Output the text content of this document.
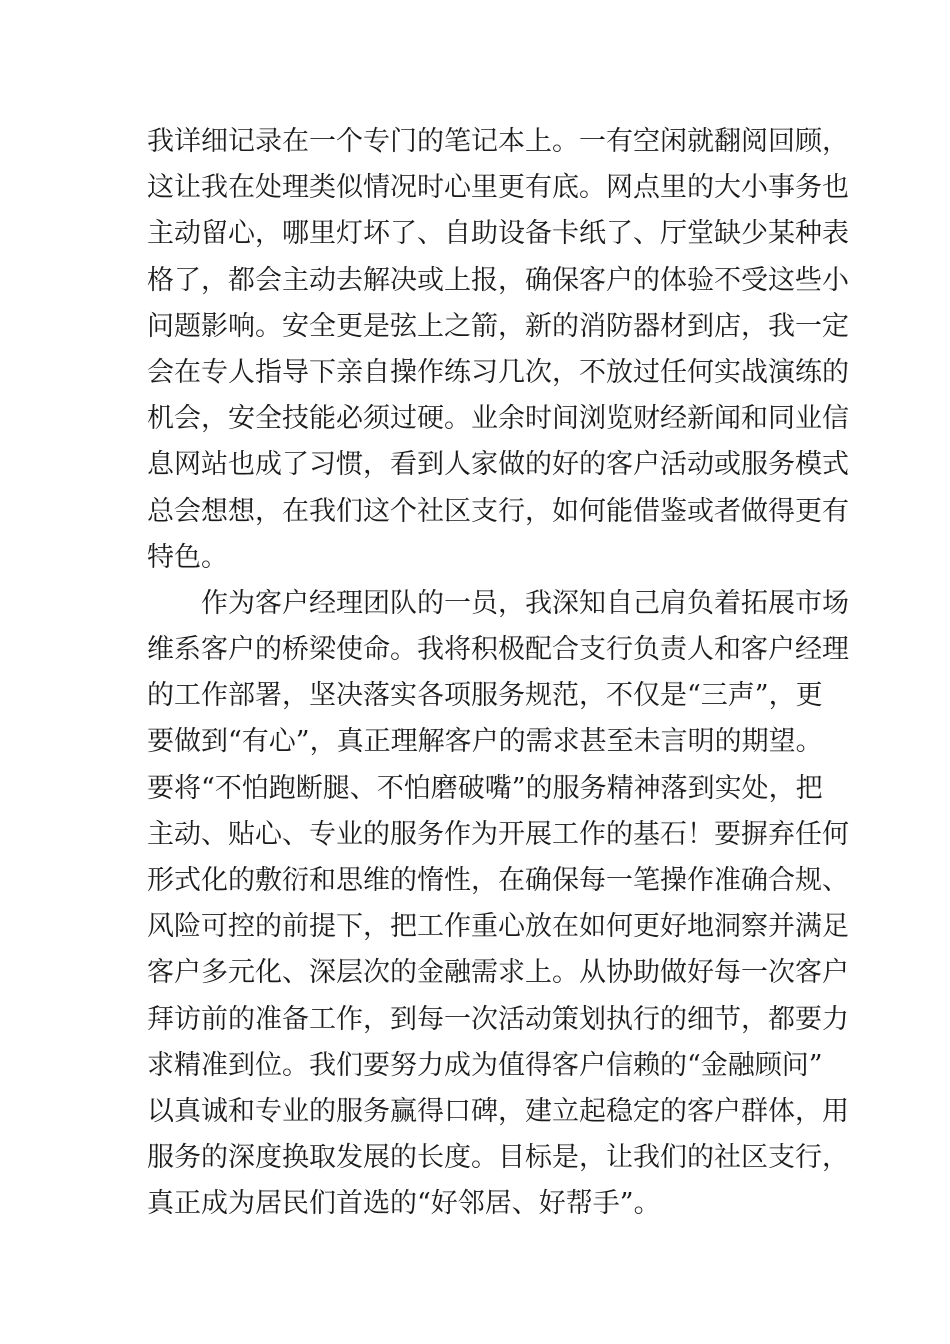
我详细记录在一个专门的笔记本上。一有空闲就翻阅回顾，
这让我在处理类似情况时心里更有底。网点里的大小事务也
主动留心，哪里灯坏了、自助设备卡纸了、厅堂缺少某种表
格了，都会主动去解决或上报，确保客户的体验不受这些小
问题影响。安全更是弦上之箭，新的消防器材到店，我一定
会在专人指导下亲自操作练习几次，不放过任何实战演练的
机会，安全技能必须过硬。业余时间浏览财经新闻和同业信
息网站也成了习惯，看到人家做的好的客户活动或服务模式
总会想想，在我们这个社区支行，如何能借鉴或者做得更有
特色。
　　作为客户经理团队的一员，我深知自己肩负着拓展市场
维系客户的桥梁使命。我将积极配合支行负责人和客户经理
的工作部署，坚决落实各项服务规范，不仅是“三声”，更
要做到“有心”，真正理解客户的需求甚至未言明的期望。
要将“不怕跑断腿、不怕磨破嘴”的服务精神落到实处，把
主动、贴心、专业的服务作为开展工作的基石！要摒弃任何
形式化的敷衍和思维的惰性，在确保每一笔操作准确合规、
风险可控的前提下，把工作重心放在如何更好地洞察并满足
客户多元化、深层次的金融需求上。从协助做好每一次客户
拜访前的准备工作，到每一次活动策划执行的细节，都要力
求精准到位。我们要努力成为值得客户信赖的“金融顾问”
以真诚和专业的服务赢得口碑，建立起稳定的客户群体，用
服务的深度换取发展的长度。目标是，让我们的社区支行，
真正成为居民们首选的“好邻居、好帮手”。
